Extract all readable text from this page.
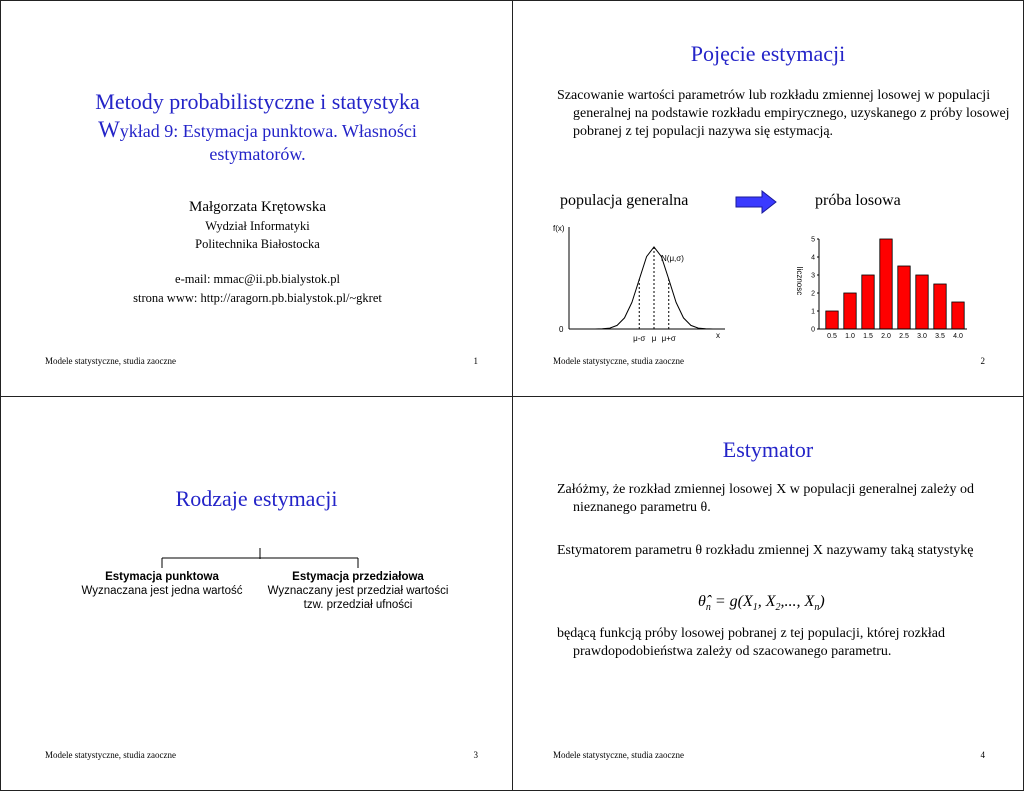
Metody probabilistyczne i statystyka
Wykład 9: Estymacja punktowa. Własności
estymatorów.
Małgorzata Krętowska
Wydział Informatyki
Politechnika Białostocka
e-mail: mmac@ii.pb.bialystok.pl
strona www: http://aragorn.pb.bialystok.pl/~gkret
Modele statystyczne, studia zaoczne	1
Pojęcie estymacji
Szacowanie wartości parametrów lub rozkładu zmiennej losowej w populacji generalnej na podstawie rozkładu empirycznego, uzyskanego z próby losowej pobranej z tej populacji nazywa się estymacją.
populacja generalna	próba losowa
f(x)
0
x
N(μ,σ)
μ-σ μ μ+σ
0
1
2
3
4
5
0.5 1.0 1.5 2.0 2.5 3.0 3.5 4.0
licznosc
Modele statystyczne, studia zaoczne	2
Rodzaje estymacji
Estymacja punktowa
Wyznaczana jest jedna wartość
Estymacja przedziałowa
Wyznaczany jest przedział wartości
tzw. przedział ufności
Modele statystyczne, studia zaoczne	3
Estymator
Załóżmy, że rozkład zmiennej losowej X w populacji generalnej zależy od nieznanego parametru θ.
Estymatorem parametru θ rozkładu zmiennej X nazywamy taką statystykę
$\thetâ_n = g(X_1$, $X_2$,..., $X_n$)
będącą funkcją próby losowej pobranej z tej populacji, której rozkład prawdopodobieństwa zależy od szacowanego parametru.
Modele statystyczne, studia zaoczne	4
